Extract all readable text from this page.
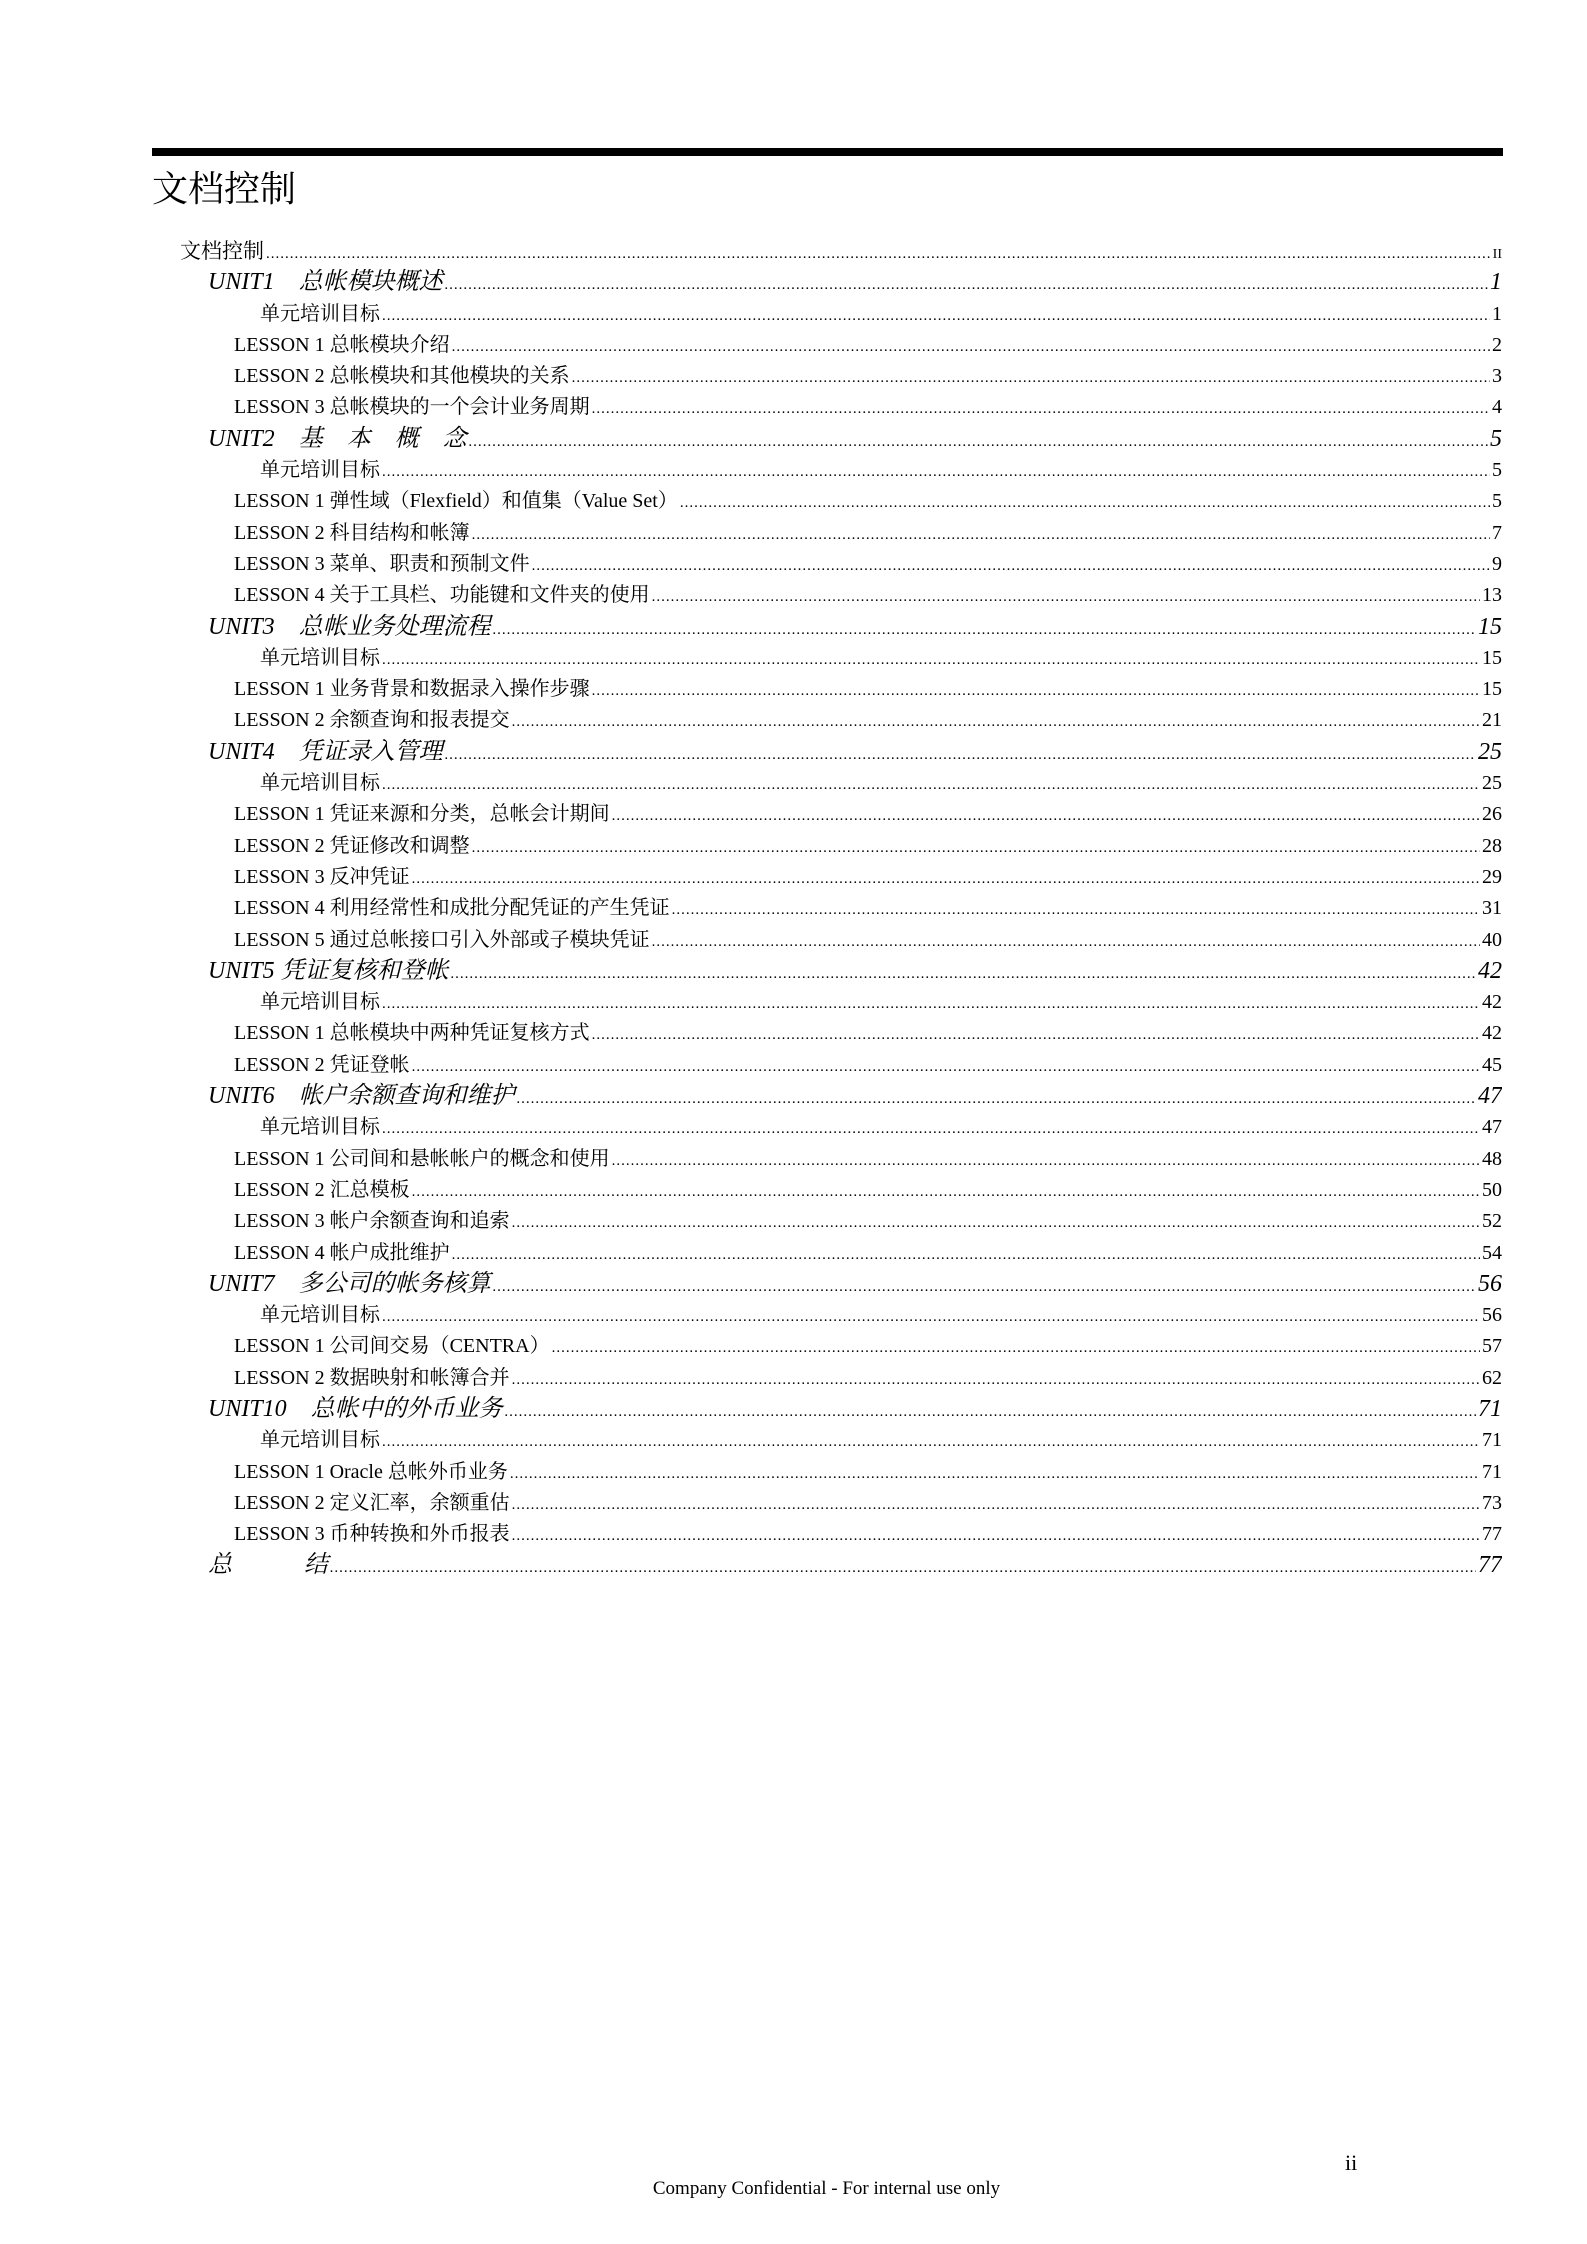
文档控制
文档控制 .....	II
UNIT1　总帐模块概述 .....	1
单元培训目标 .....	1
LESSON 1 总帐模块介绍 .....	2
LESSON 2 总帐模块和其他模块的关系 .....	3
LESSON 3 总帐模块的一个会计业务周期 .....	4
UNIT2　基　本　概　念 .....	5
单元培训目标 .....	5
LESSON 1 弹性域（Flexfield）和值集（Value Set） .....	5
LESSON 2 科目结构和帐簿 .....	7
LESSON 3 菜单、职责和预制文件 .....	9
LESSON 4 关于工具栏、功能键和文件夹的使用 .....	13
UNIT3　总帐业务处理流程 .....	15
单元培训目标 .....	15
LESSON 1 业务背景和数据录入操作步骤 .....	15
LESSON 2 余额查询和报表提交 .....	21
UNIT4　凭证录入管理 .....	25
单元培训目标 .....	25
LESSON 1 凭证来源和分类，总帐会计期间 .....	26
LESSON 2 凭证修改和调整 .....	28
LESSON 3 反冲凭证 .....	29
LESSON 4 利用经常性和成批分配凭证的产生凭证 .....	31
LESSON 5 通过总帐接口引入外部或子模块凭证 .....	40
UNIT5 凭证复核和登帐 .....	42
单元培训目标 .....	42
LESSON 1 总帐模块中两种凭证复核方式 .....	42
LESSON 2 凭证登帐 .....	45
UNIT6　帐户余额查询和维护 .....	47
单元培训目标 .....	47
LESSON 1 公司间和悬帐帐户的概念和使用 .....	48
LESSON 2 汇总模板 .....	50
LESSON 3 帐户余额查询和追索 .....	52
LESSON 4 帐户成批维护 .....	54
UNIT7　多公司的帐务核算 .....	56
单元培训目标 .....	56
LESSON 1 公司间交易（CENTRA） .....	57
LESSON 2 数据映射和帐簿合并 .....	62
UNIT10　总帐中的外币业务 .....	71
单元培训目标 .....	71
LESSON 1 Oracle 总帐外币业务 .....	71
LESSON 2 定义汇率，余额重估 .....	73
LESSON 3 币种转换和外币报表 .....	77
总　　　结 .....	77
ii
Company Confidential - For internal use only
